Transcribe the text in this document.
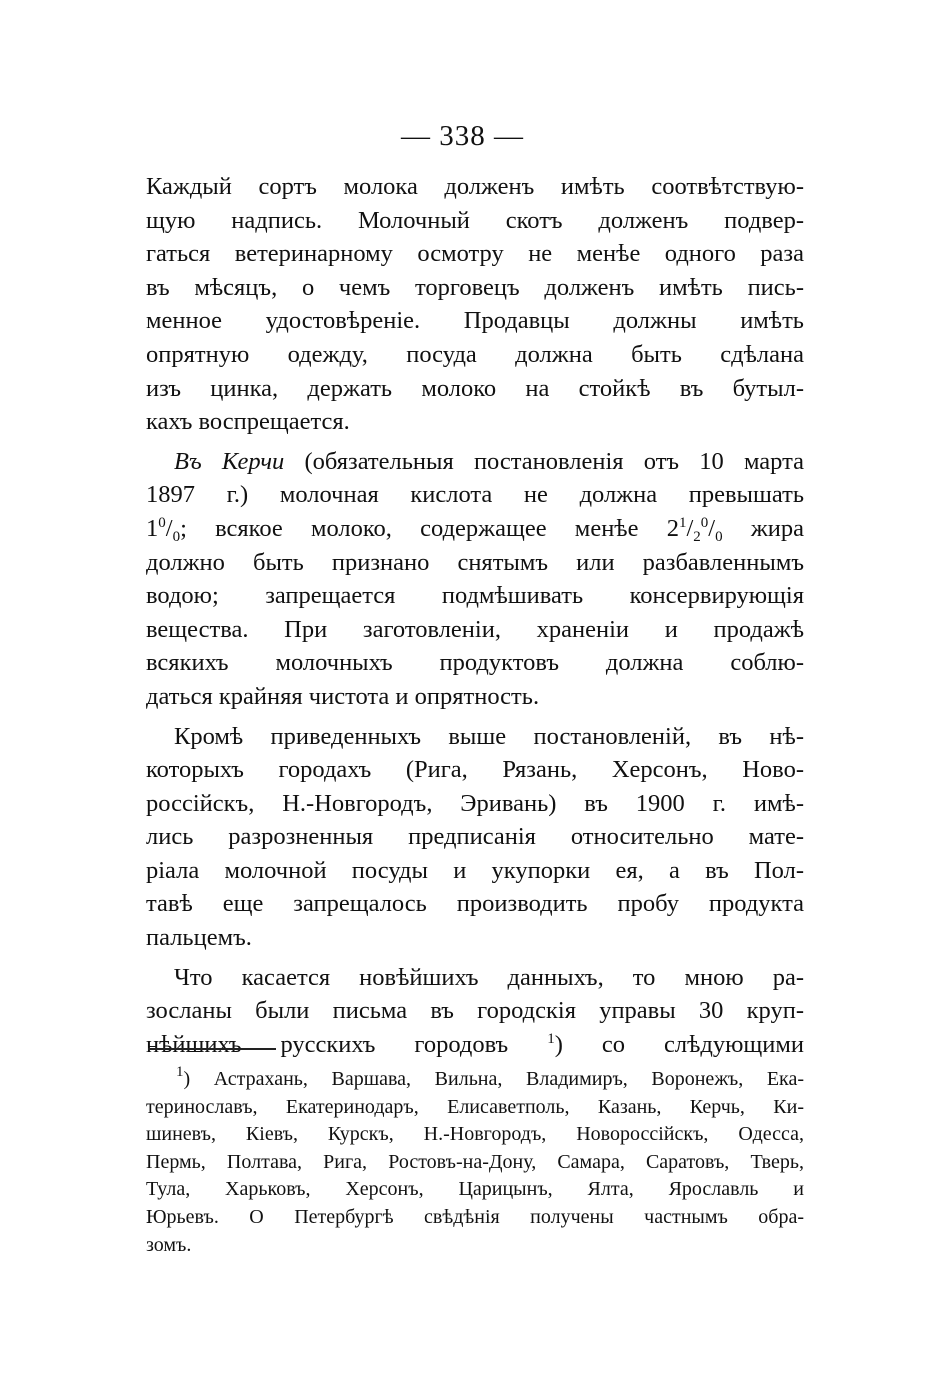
— 338 —

Каждый сортъ молока долженъ имѣть соотвѣтствую-
щую надпись. Молочный скотъ долженъ подвер-
гаться ветеринарному осмотру не менѣе одного раза
въ мѣсяцъ, о чемъ торговецъ долженъ имѣть пись-
менное удостовѣреніе. Продавцы должны имѣть
опрятную одежду, посуда должна быть сдѣлана
изъ цинка, держать молоко на стойкѣ въ бутыл-
кахъ воспрещается.

Въ Керчи (обязательныя постановленія отъ 10 марта
1897 г.) молочная кислота не должна превышать
$1^0/_0$; всякое молоко, содержащее менѣе $2^1/_2^0/_0$ жира
должно быть признано снятымъ или разбавленнымъ
водою; запрещается подмѣшивать консервирующія
вещества. При заготовленіи, храненіи и продажѣ
всякихъ молочныхъ продуктовъ должна соблю-
даться крайняя чистота и опрятность.

Кромѣ приведенныхъ выше постановленій, въ нѣ-
которыхъ городахъ (Рига, Рязань, Херсонъ, Ново-
россійскъ, Н.-Новгородъ, Эривань) въ 1900 г. имѣ-
лись разрозненныя предписанія относительно мате-
ріала молочной посуды и укупорки ея, а въ Пол-
тавѣ еще запрещалось производить пробу продукта
пальцемъ.

Что касается новѣйшихъ данныхъ, то мною ра-
зосланы были письма въ городскія управы 30 круп-
нѣйшихъ русскихъ городовъ $^1$) со слѣдующими

$^1$) Астрахань, Варшава, Вильна, Владимиръ, Воронежъ, Ека-
теринославъ, Екатеринодаръ, Елисаветполь, Казань, Керчь, Ки-
шиневъ, Кіевъ, Курскъ, Н.-Новгородъ, Новороссійскъ, Одесса,
Пермь, Полтава, Рига, Ростовъ-на-Дону, Самара, Саратовъ, Тверь,
Тула, Харьковъ, Херсонъ, Царицынъ, Ялта, Ярославль и
Юрьевъ. О Петербургѣ свѣдѣнія получены частнымъ обра-
зомъ.
